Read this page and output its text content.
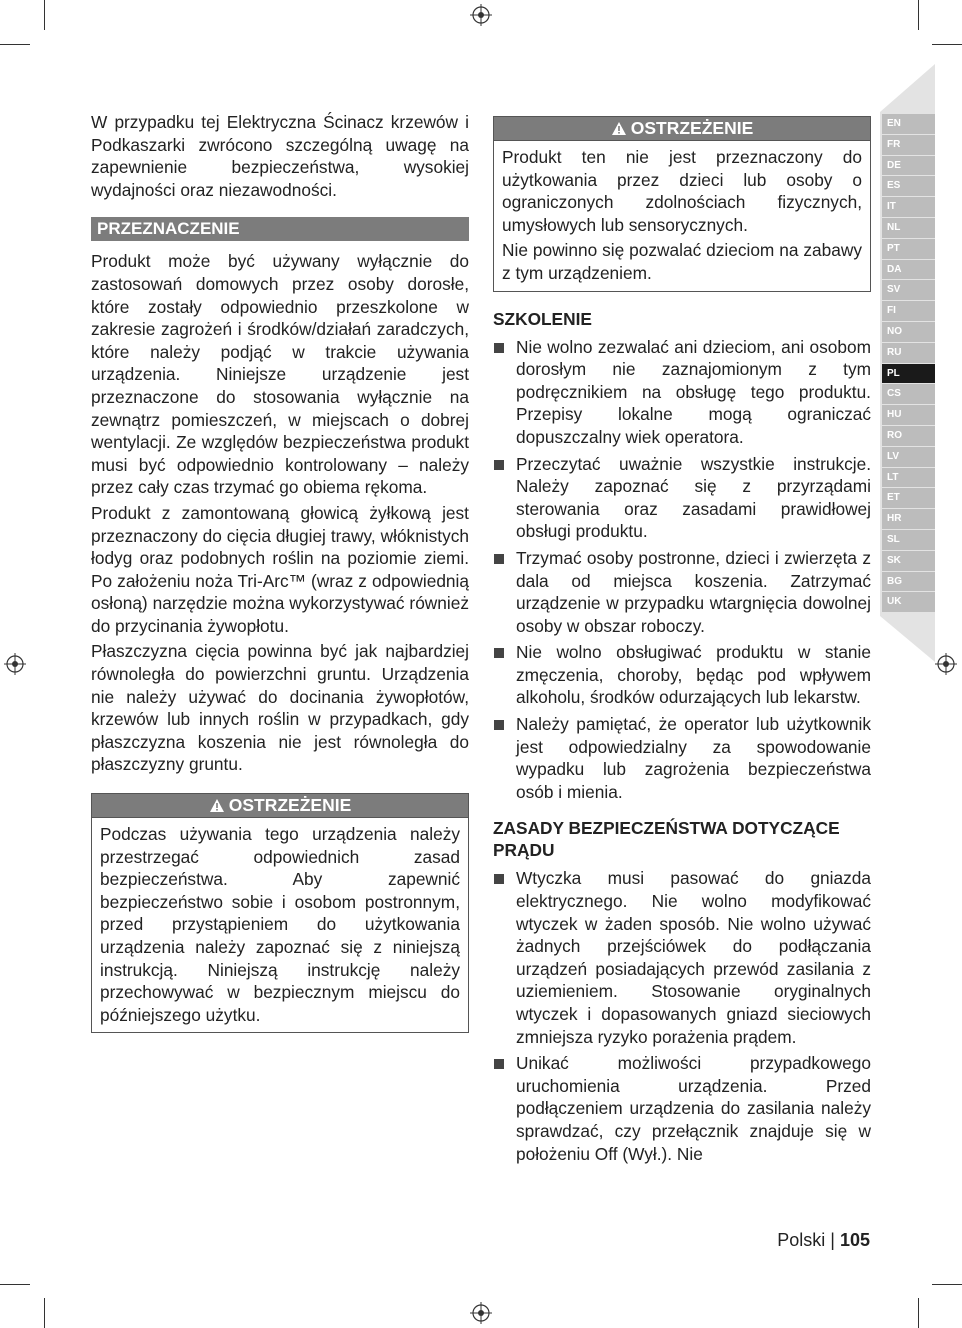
EN
FR
DE
ES
IT
NL
PT
DA
SV
FI
NO
RU
PL
CS
HU
RO
LV
LT
ET
HR
SL
SK
BG
UK

W przypadku tej Elektryczna Ścinacz krzewów i Podkaszarki zwrócono szczególną uwagę na zapewnienie bezpieczeństwa, wysokiej wydajności oraz niezawodności.

PRZEZNACZENIE

Produkt może być używany wyłącznie do zastosowań domowych przez osoby dorosłe, które zostały odpowiednio przeszkolone w zakresie zagrożeń i środków/działań zaradczych, które należy podjąć w trakcie używania urządzenia. Niniejsze urządzenie jest przeznaczone do stosowania wyłącznie na zewnątrz pomieszczeń, w miejscach o dobrej wentylacji. Ze względów bezpieczeństwa produkt musi być odpowiednio kontrolowany – należy przez cały czas trzymać go obiema rękoma.

Produkt z zamontowaną głowicą żyłkową jest przeznaczony do cięcia długiej trawy, włóknistych łodyg oraz podobnych roślin na poziomie ziemi. Po założeniu noża Tri-Arc™ (wraz z odpowiednią osłoną) narzędzie można wykorzystywać również do przycinania żywopłotu.

Płaszczyzna cięcia powinna być jak najbardziej równoległa do powierzchni gruntu. Urządzenia nie należy używać do docinania żywopłotów, krzewów lub innych roślin w przypadkach, gdy płaszczyzna koszenia nie jest równoległa do płaszczyzny gruntu.

OSTRZEŻENIE

Podczas używania tego urządzenia należy przestrzegać odpowiednich zasad bezpieczeństwa. Aby zapewnić bezpieczeństwo sobie i osobom postronnym, przed przystąpieniem do użytkowania urządzenia należy zapoznać się z niniejszą instrukcją. Niniejszą instrukcję należy przechowywać w bezpiecznym miejscu do późniejszego użytku.

OSTRZEŻENIE

Produkt ten nie jest przeznaczony do użytkowania przez dzieci lub osoby o ograniczonych zdolnościach fizycznych, umysłowych lub sensorycznych.

Nie powinno się pozwalać dzieciom na zabawy z tym urządzeniem.

SZKOLENIE
Nie wolno zezwalać ani dzieciom, ani osobom dorosłym nie zaznajomionym z tym podręcznikiem na obsługę tego produktu. Przepisy lokalne mogą ograniczać dopuszczalny wiek operatora.
Przeczytać uważnie wszystkie instrukcje. Należy zapoznać się z przyrządami sterowania oraz zasadami prawidłowej obsługi produktu.
Trzymać osoby postronne, dzieci i zwierzęta z dala od miejsca koszenia. Zatrzymać urządzenie w przypadku wtargnięcia dowolnej osoby w obszar roboczy.
Nie wolno obsługiwać produktu w stanie zmęczenia, choroby, będąc pod wpływem alkoholu, środków odurzających lub lekarstw.
Należy pamiętać, że operator lub użytkownik jest odpowiedzialny za spowodowanie wypadku lub zagrożenia bezpieczeństwa osób i mienia.
ZASADY BEZPIECZEŃSTWA DOTYCZĄCE PRĄDU
Wtyczka musi pasować do gniazda elektrycznego. Nie wolno modyfikować wtyczek w żaden sposób. Nie wolno używać żadnych przejściówek do podłączania urządzeń posiadających przewód zasilania z uziemieniem. Stosowanie oryginalnych wtyczek i dopasowanych gniazd sieciowych zmniejsza ryzyko porażenia prądem.
Unikać możliwości przypadkowego uruchomienia urządzenia. Przed podłączeniem urządzenia do zasilania należy sprawdzać, czy przełącznik znajduje się w położeniu Off (Wył.). Nie
Polski | 105
